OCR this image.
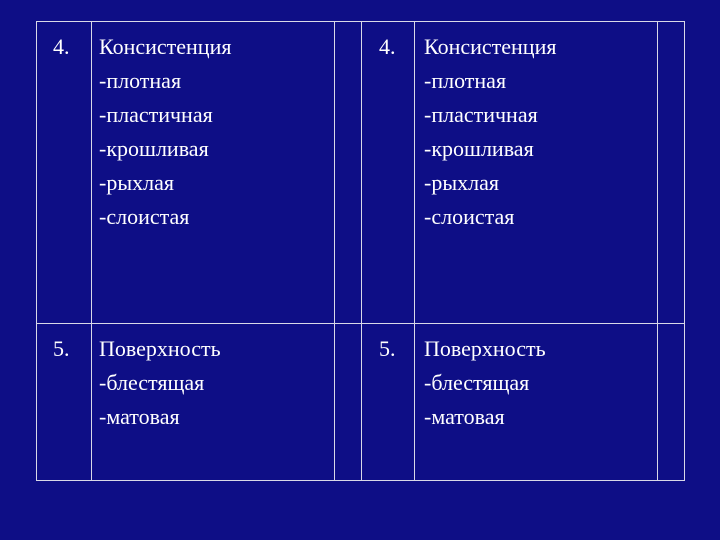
4. Консистенция
-плотная
-пластичная
-крошливая
-рыхлая
-слоистая
4. Консистенция
-плотная
-пластичная
-крошливая
-рыхлая
-слоистая
5. Поверхность
-блестящая
-матовая
5. Поверхность
-блестящая
-матовая
